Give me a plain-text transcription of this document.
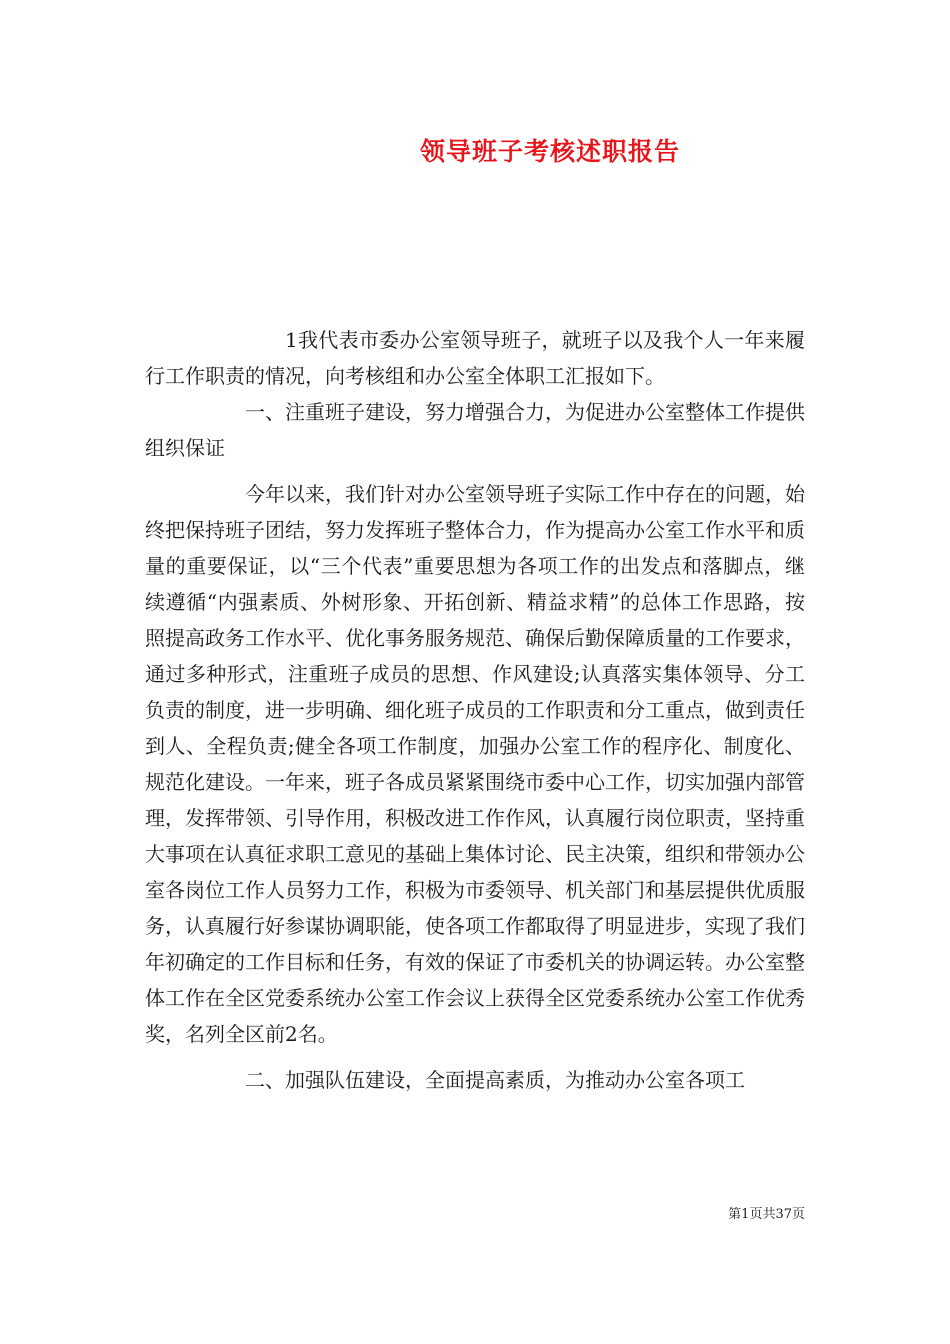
领导班子考核述职报告

1我代表市委办公室领导班子，就班子以及我个人一年来履行工作职责的情况，向考核组和办公室全体职工汇报如下。

一、注重班子建设，努力增强合力，为促进办公室整体工作提供组织保证

今年以来，我们针对办公室领导班子实际工作中存在的问题，始终把保持班子团结，努力发挥班子整体合力，作为提高办公室工作水平和质量的重要保证，以“三个代表”重要思想为各项工作的出发点和落脚点，继续遵循“内强素质、外树形象、开拓创新、精益求精”的总体工作思路，按照提高政务工作水平、优化事务服务规范、确保后勤保障质量的工作要求，通过多种形式，注重班子成员的思想、作风建设;认真落实集体领导、分工负责的制度，进一步明确、细化班子成员的工作职责和分工重点，做到责任到人、全程负责;健全各项工作制度，加强办公室工作的程序化、制度化、规范化建设。一年来，班子各成员紧紧围绕市委中心工作，切实加强内部管理，发挥带领、引导作用，积极改进工作作风，认真履行岗位职责，坚持重大事项在认真征求职工意见的基础上集体讨论、民主决策，组织和带领办公室各岗位工作人员努力工作，积极为市委领导、机关部门和基层提供优质服务，认真履行好参谋协调职能，使各项工作都取得了明显进步，实现了我们年初确定的工作目标和任务，有效的保证了市委机关的协调运转。办公室整体工作在全区党委系统办公室工作会议上获得全区党委系统办公室工作优秀奖，名列全区前2名。

二、加强队伍建设，全面提高素质，为推动办公室各项工

第1页共37页
